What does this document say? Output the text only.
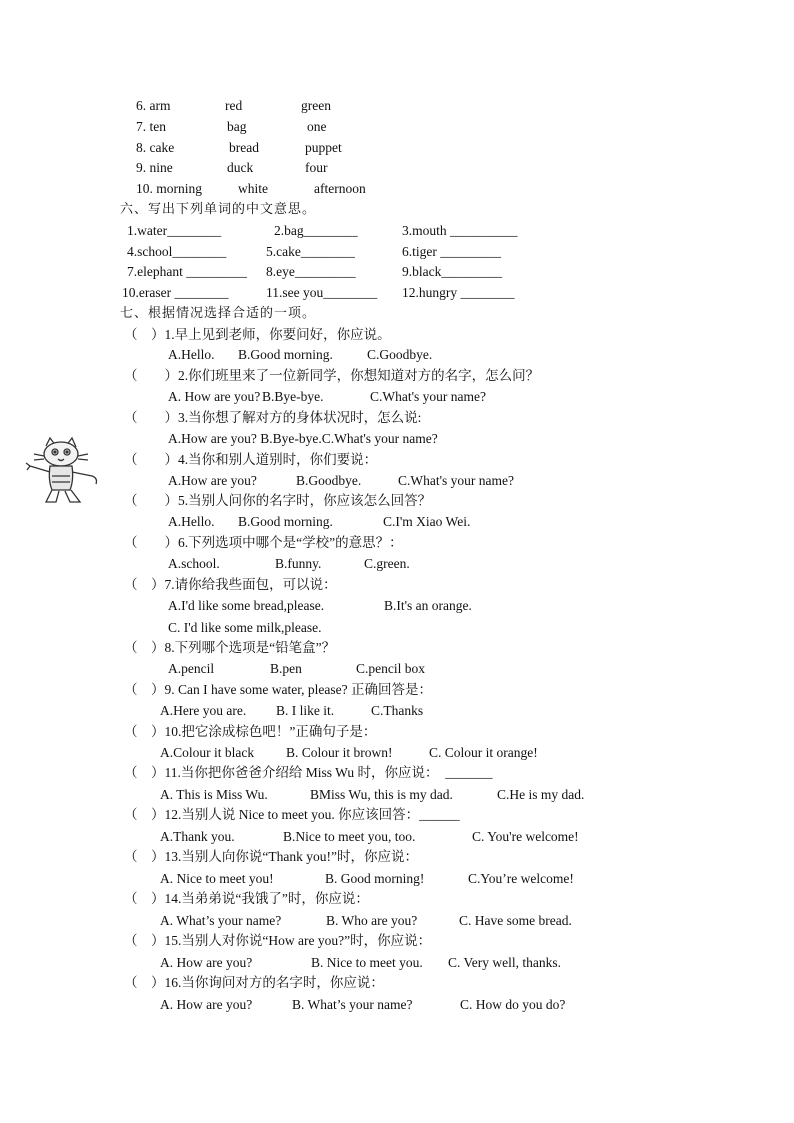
6. arm	red	green
7. ten	bag	one
8. cake	bread	puppet
9. nine	duck	four
10. morning	white	afternoon
六、写出下列单词的中文意思。
1.water________	2.bag________	3.mouth __________
4.school________	5.cake________	6.tiger _________
7.elephant _________ 8.eye_________	9.black_________
10.eraser ________	11.see you________ 12.hungry ________
七、根据情况选择合适的一项。
（　）1.早上见到老师，你要问好，你应说。
A.Hello. B.Good morning.	C.Goodbye.
（　　）2.你们班里来了一位新同学，你想知道对方的名字，怎么问？
A. How are you? B.Bye-bye.	C.What's your name?
（　　）3.当你想了解对方的身体状况时，怎么说:
A.How are you? B.Bye-bye.C.What's your name?
（　　）4.当你和别人道别时，你们要说：
A.How are you?	B.Goodbye.	C.What's your name?
（　　）5.当别人问你的名字时，你应该怎么回答？
A.Hello. B.Good morning.	C.I'm Xiao Wei.
（　　）6.下列选项中哪个是“学校”的意思？：
A.school.	B.funny.	C.green.
（　）7.请你给我些面包，可以说：
A.I'd like some bread,please.	B.It's an orange.
C. I'd like some milk,please.
（　）8.下列哪个选项是“铅笔盒”？
A.pencil	B.pen	C.pencil box
（　）9. Can I have some water, please? 正确回答是：
A.Here you are. B. I like it.	C.Thanks
（　）10.把它涂成棕色吧！”正确句子是：
A.Colour it black B. Colour it brown!	C. Colour it orange!
（　）11.当你把你爸爸介绍给 Miss Wu 时，你应说：　_______
A. This is Miss Wu.	BMiss Wu, this is my dad.	C.He is my dad.
（　）12.当别人说 Nice to meet you. 你应该回答：______
A.Thank you.	B.Nice to meet you, too.	C. You're welcome!
（　）13.当别人向你说“Thank you!”时，你应说：
A. Nice to meet you!	B. Good morning!	C.You’re welcome!
（　）14.当弟弟说“我饿了”时，你应说：
A. What’s your name?	B. Who are you?	C. Have some bread.
（　）15.当别人对你说“How are you?”时，你应说：
A. How are you?	B. Nice to meet you. C. Very well, thanks.
（　）16.当你询问对方的名字时，你应说：
A. How are you?	B. What’s your name?	C. How do you do?
